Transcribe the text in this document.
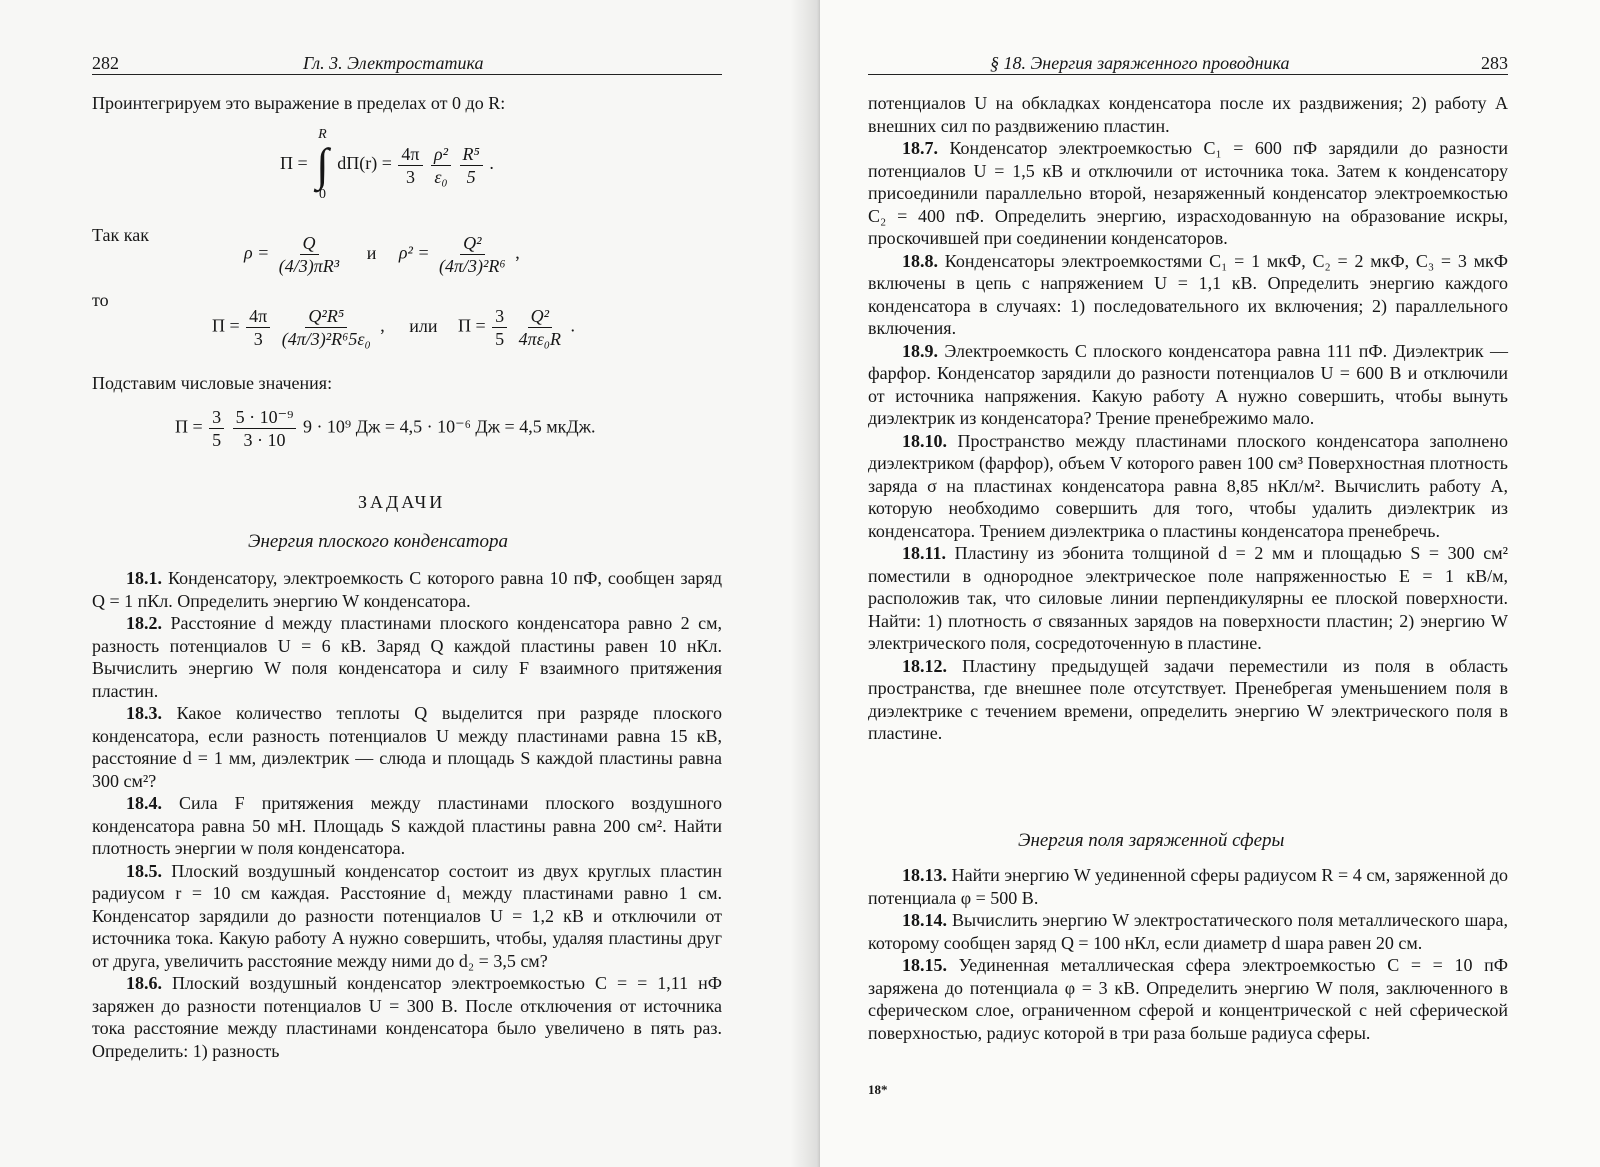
282	Гл. 3. Электростатика
Проинтегрируем это выражение в пределах от 0 до R:
П =
R
∫
0
$dП(r) = \frac{4\pi}{3}$
$\frac{\text{ρ²}}{\text{ε₀}}$
$\frac{\text{R⁵}}{5}$ .
Так как
$\rho = \frac{Q}{\text{(4/3)πR³}}$ и $\rho^2 = \frac{\text{Q²}}{\text{(4π/3)²R⁶}}$ ,
то
$П = \frac{4\pi}{3}$
$\frac{\text{Q²R⁵}}{\text{(4π/3)²R⁶5ε₀}}$ , или $П = \frac{3}{5}$
$\frac{\text{Q²}}{\text{4πε₀R}}$ .
Подставим числовые значения:
$П = \frac{3}{5}$
$\frac{\text{5 · 10⁻⁹}}{3 \cdot 10} 9 \cdot 10^9$ Дж = 4,5 · 10⁻⁶ Дж = 4,5 мкДж.
ЗАДАЧИ
Энергия плоского конденсатора
18.1. Конденсатору, электроемкость C которого равна 10 пФ, сообщен заряд Q = 1 пКл. Определить энергию W конденсатора.
18.2. Расстояние d между пластинами плоского конденсатора равно 2 см, разность потенциалов U = 6 кВ. Заряд Q каждой пластины равен 10 нКл. Вычислить энергию W поля конденсатора и силу F взаимного притяжения пластин.
18.3. Какое количество теплоты Q выделится при разряде плоского конденсатора, если разность потенциалов U между пластинами равна 15 кВ, расстояние d = 1 мм, диэлектрик — слюда и площадь S каждой пластины равна 300 см²?
18.4. Сила F притяжения между пластинами плоского воздушного конденсатора равна 50 мН. Площадь S каждой пластины равна 200 см². Найти плотность энергии w поля конденсатора.
18.5. Плоский воздушный конденсатор состоит из двух круглых пластин радиусом r = 10 см каждая. Расстояние d₁ между пластинами равно 1 см. Конденсатор зарядили до разности потенциалов U = 1,2 кВ и отключили от источника тока. Какую работу A нужно совершить, чтобы, удаляя пластины друг от друга, увеличить расстояние между ними до d₂ = 3,5 см?
18.6. Плоский воздушный конденсатор электроемкостью C = = 1,11 нФ заряжен до разности потенциалов U = 300 В. После отключения от источника тока расстояние между пластинами конденсатора было увеличено в пять раз. Определить: 1) разность
§ 18. Энергия заряженного проводника	283
потенциалов U на обкладках конденсатора после их раздвижения; 2) работу A внешних сил по раздвижению пластин.
18.7. Конденсатор электроемкостью C₁ = 600 пФ зарядили до разности потенциалов U = 1,5 кВ и отключили от источника тока. Затем к конденсатору присоединили параллельно второй, незаряженный конденсатор электроемкостью C₂ = 400 пФ. Определить энергию, израсходованную на образование искры, проскочившей при соединении конденсаторов.
18.8. Конденсаторы электроемкостями C₁ = 1 мкФ, C₂ = 2 мкФ, C₃ = 3 мкФ включены в цепь с напряжением U = 1,1 кВ. Определить энергию каждого конденсатора в случаях: 1) последовательного их включения; 2) параллельного включения.
18.9. Электроемкость C плоского конденсатора равна 111 пФ. Диэлектрик — фарфор. Конденсатор зарядили до разности потенциалов U = 600 В и отключили от источника напряжения. Какую работу A нужно совершить, чтобы вынуть диэлектрик из конденсатора? Трение пренебрежимо мало.
18.10. Пространство между пластинами плоского конденсатора заполнено диэлектриком (фарфор), объем V которого равен 100 см³ Поверхностная плотность заряда σ на пластинах конденсатора равна 8,85 нКл/м². Вычислить работу A, которую необходимо совершить для того, чтобы удалить диэлектрик из конденсатора. Трением диэлектрика о пластины конденсатора пренебречь.
18.11. Пластину из эбонита толщиной d = 2 мм и площадью S = 300 см² поместили в однородное электрическое поле напряженностью E = 1 кВ/м, расположив так, что силовые линии перпендикулярны ее плоской поверхности. Найти: 1) плотность σ связанных зарядов на поверхности пластин; 2) энергию W электрического поля, сосредоточенную в пластине.
18.12. Пластину предыдущей задачи переместили из поля в область пространства, где внешнее поле отсутствует. Пренебрегая уменьшением поля в диэлектрике с течением времени, определить энергию W электрического поля в пластине.
Энергия поля заряженной сферы
18.13. Найти энергию W уединенной сферы радиусом R = 4 см, заряженной до потенциала φ = 500 В.
18.14. Вычислить энергию W электростатического поля металлического шара, которому сообщен заряд Q = 100 нКл, если диаметр d шара равен 20 см.
18.15. Уединенная металлическая сфера электроемкостью C = = 10 пФ заряжена до потенциала φ = 3 кВ. Определить энергию W поля, заключенного в сферическом слое, ограниченном сферой и концентрической с ней сферической поверхностью, радиус которой в три раза больше радиуса сферы.
18*
